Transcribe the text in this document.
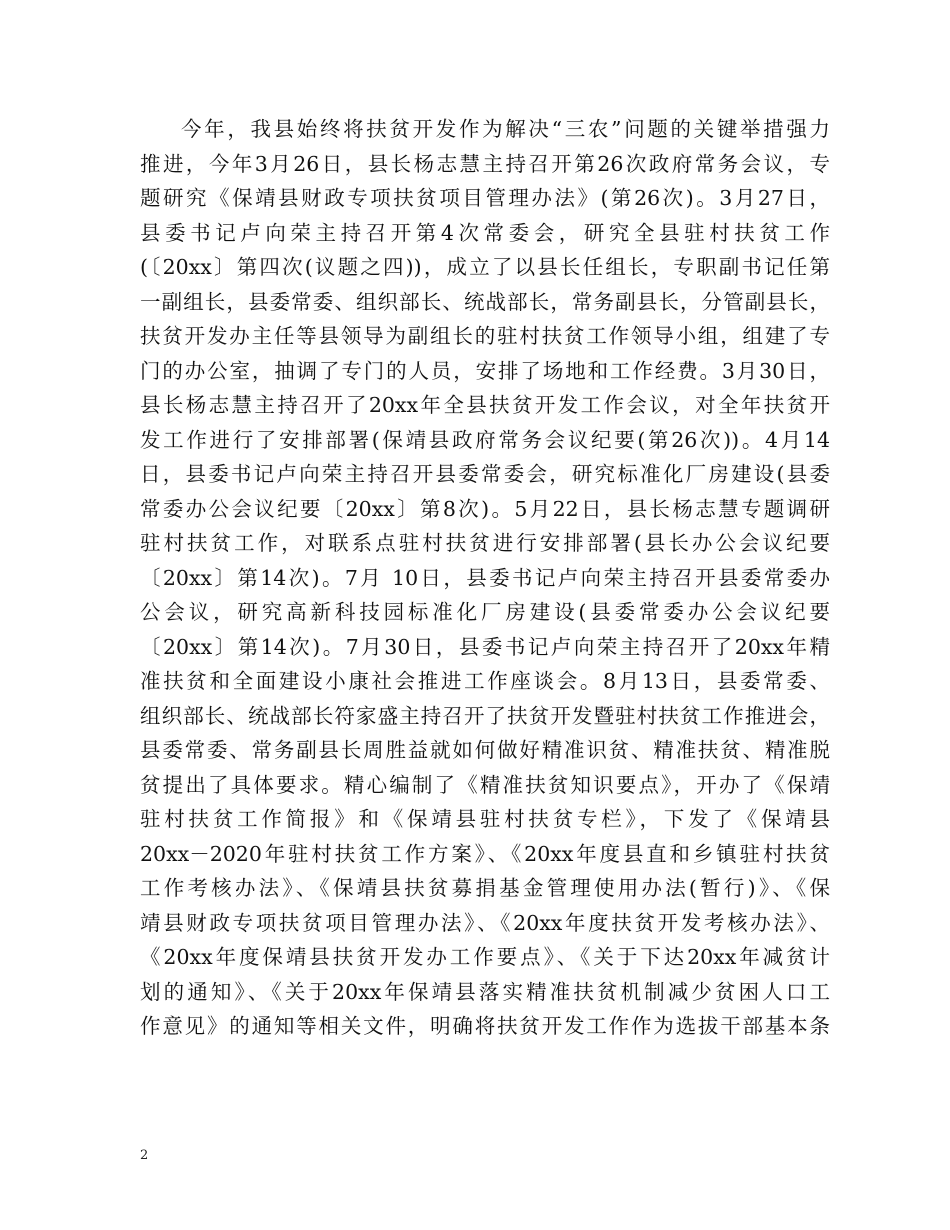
今年，我县始终将扶贫开发作为解决“三农”问题的关键举措强力
推进，今年3月26日，县长杨志慧主持召开第26次政府常务会议，专
题研究《保靖县财政专项扶贫项目管理办法》(第26次)。3月27日，
县委书记卢向荣主持召开第4次常委会，研究全县驻村扶贫工作
(〔20xx〕第四次(议题之四))，成立了以县长任组长，专职副书记任第
一副组长，县委常委、组织部长、统战部长，常务副县长，分管副县长，
扶贫开发办主任等县领导为副组长的驻村扶贫工作领导小组，组建了专
门的办公室，抽调了专门的人员，安排了场地和工作经费。3月30日，
县长杨志慧主持召开了20xx年全县扶贫开发工作会议，对全年扶贫开
发工作进行了安排部署(保靖县政府常务会议纪要(第26次))。4月14
日，县委书记卢向荣主持召开县委常委会，研究标准化厂房建设(县委
常委办公会议纪要〔20xx〕第8次)。5月22日，县长杨志慧专题调研
驻村扶贫工作，对联系点驻村扶贫进行安排部署(县长办公会议纪要
〔20xx〕第14次)。7月 10日，县委书记卢向荣主持召开县委常委办
公会议，研究高新科技园标准化厂房建设(县委常委办公会议纪要
〔20xx〕第14次)。7月30日，县委书记卢向荣主持召开了20xx年精
准扶贫和全面建设小康社会推进工作座谈会。8月13日，县委常委、
组织部长、统战部长符家盛主持召开了扶贫开发暨驻村扶贫工作推进会，
县委常委、常务副县长周胜益就如何做好精准识贫、精准扶贫、精准脱
贫提出了具体要求。精心编制了《精准扶贫知识要点》，开办了《保靖
驻村扶贫工作简报》和《保靖县驻村扶贫专栏》，下发了《保靖县
20xx－2020年驻村扶贫工作方案》、《20xx年度县直和乡镇驻村扶贫
工作考核办法》、《保靖县扶贫募捐基金管理使用办法(暂行)》、《保
靖县财政专项扶贫项目管理办法》、《20xx年度扶贫开发考核办法》、
《20xx年度保靖县扶贫开发办工作要点》、《关于下达20xx年减贫计
划的通知》、《关于20xx年保靖县落实精准扶贫机制减少贫困人口工
作意见》的通知等相关文件，明确将扶贫开发工作作为选拔干部基本条
2
